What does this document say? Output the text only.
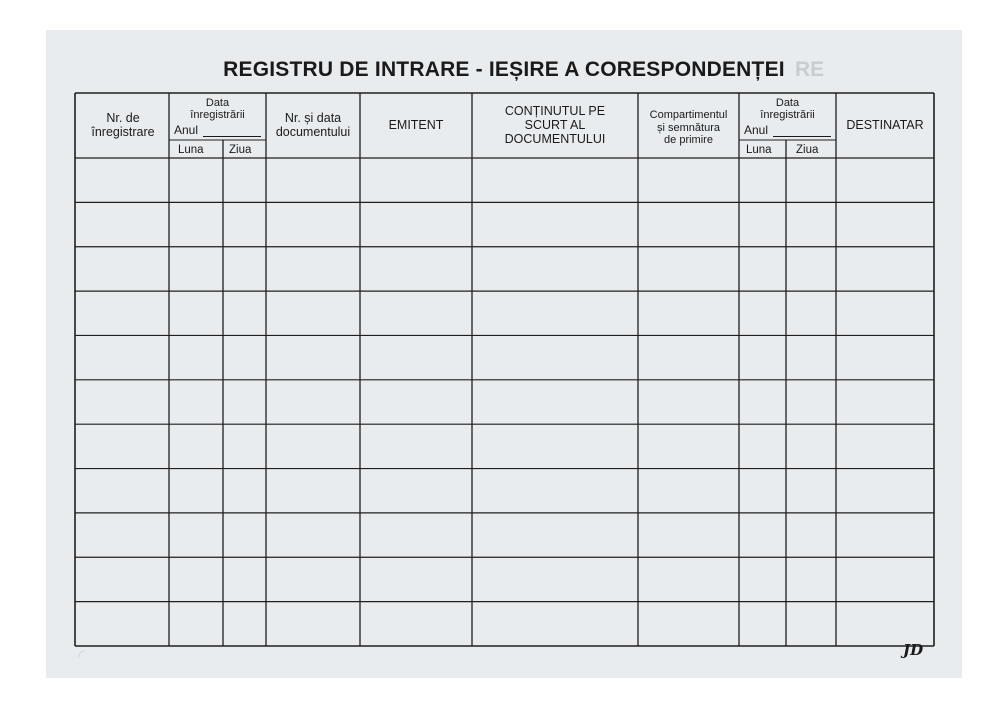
RE
REGISTRU DE INTRARE - IEȘIRE A CORESPONDENȚEI
Nr. de
înregistrare
Data
înregistrării
Anul
Luna Ziua
Nr. și data
documentului	EMITENT
CONȚINUTUL PE
SCURT AL
DOCUMENTULUI
Compartimentul
și semnătura
de primire
Data
înregistrării
Anul
Luna Ziua
DESTINATAR
◜	JD
